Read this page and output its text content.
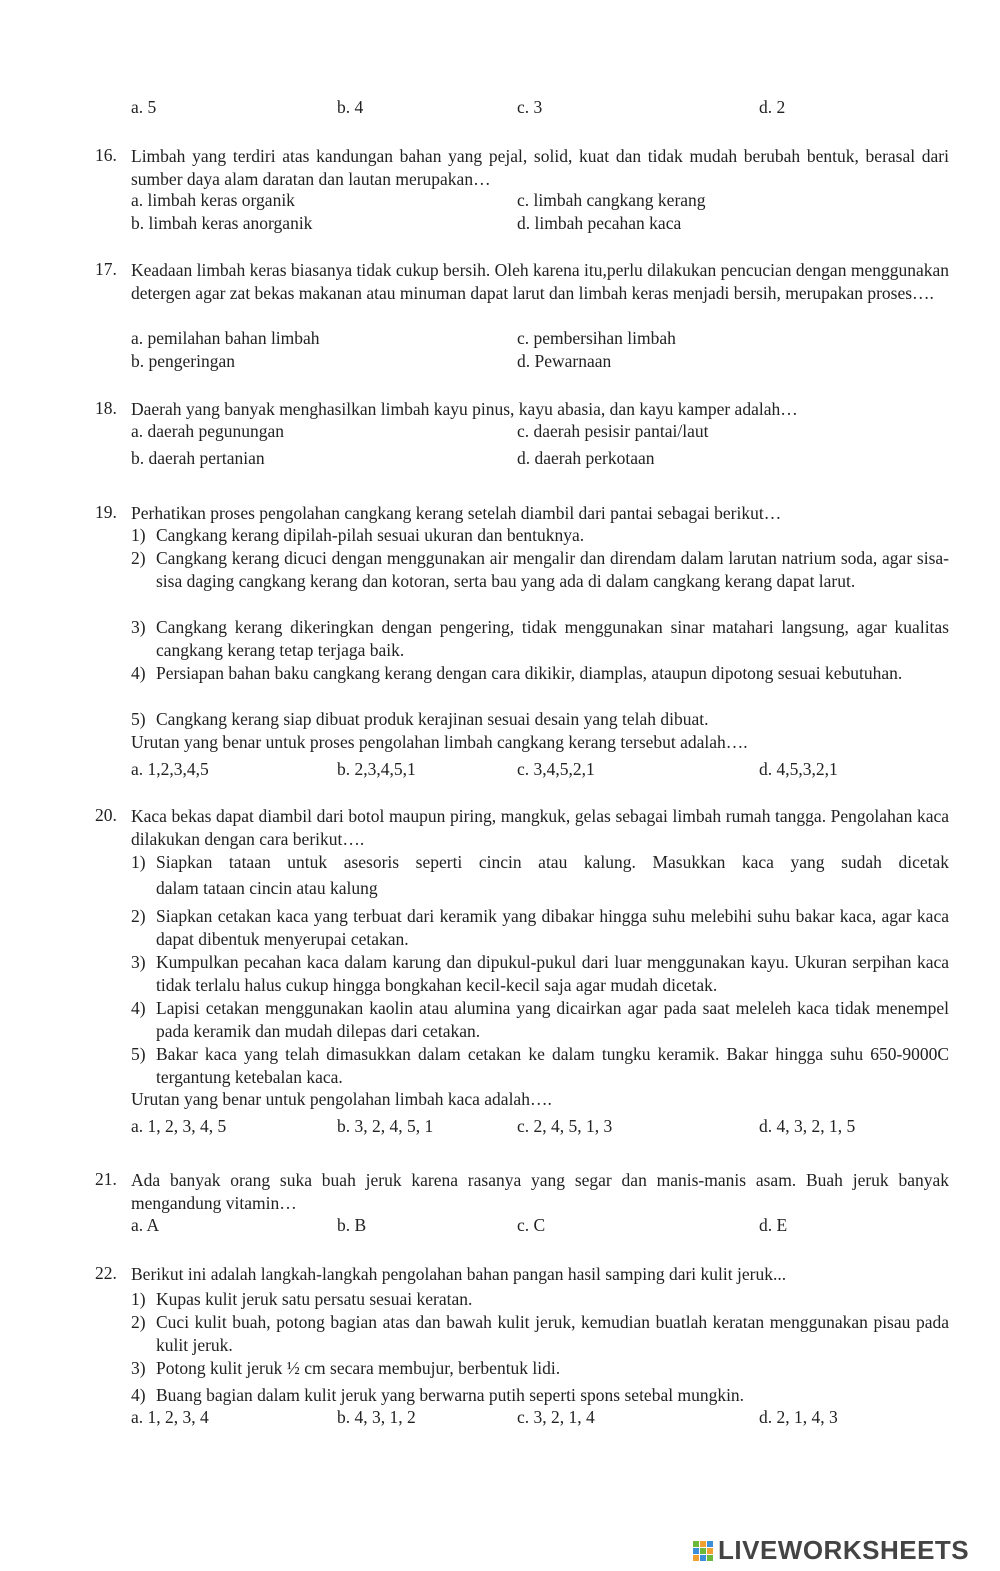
a. 5	b. 4	c. 3	d. 2
16. Limbah yang terdiri atas kandungan bahan yang pejal, solid, kuat dan tidak mudah berubah bentuk, berasal dari sumber daya alam daratan dan lautan merupakan…
a. limbah keras organik	c. limbah cangkang kerang
b. limbah keras anorganik	d. limbah pecahan kaca
17. Keadaan limbah keras biasanya tidak cukup bersih. Oleh karena itu,perlu dilakukan pencucian dengan menggunakan detergen agar zat bekas makanan atau minuman dapat larut dan limbah keras menjadi bersih, merupakan proses….
a. pemilahan bahan limbah	c. pembersihan limbah
b. pengeringan	d. Pewarnaan
18. Daerah yang banyak menghasilkan limbah kayu pinus, kayu abasia, dan kayu kamper adalah…
a. daerah pegunungan	c. daerah pesisir pantai/laut
b. daerah pertanian	d. daerah perkotaan
19. Perhatikan proses pengolahan cangkang kerang setelah diambil dari pantai sebagai berikut…
1) Cangkang kerang dipilah-pilah sesuai ukuran dan bentuknya.
2) Cangkang kerang dicuci dengan menggunakan air mengalir dan direndam dalam larutan natrium soda, agar sisa-sisa daging cangkang kerang dan kotoran, serta bau yang ada di dalam cangkang kerang dapat larut.
3) Cangkang kerang dikeringkan dengan pengering, tidak menggunakan sinar matahari langsung, agar kualitas cangkang kerang tetap terjaga baik.
4) Persiapan bahan baku cangkang kerang dengan cara dikikir, diamplas, ataupun dipotong sesuai kebutuhan.
5) Cangkang kerang siap dibuat produk kerajinan sesuai desain yang telah dibuat.
Urutan yang benar untuk proses pengolahan limbah cangkang kerang tersebut adalah….
a. 1,2,3,4,5	b. 2,3,4,5,1	c. 3,4,5,2,1	d. 4,5,3,2,1
20. Kaca bekas dapat diambil dari botol maupun piring, mangkuk, gelas sebagai limbah rumah tangga. Pengolahan kaca dilakukan dengan cara berikut….
1) Siapkan tataan untuk asesoris seperti cincin atau kalung. Masukkan kaca yang sudah dicetak
dalam tataan cincin atau kalung
2) Siapkan cetakan kaca yang terbuat dari keramik yang dibakar hingga suhu melebihi suhu bakar kaca, agar kaca dapat dibentuk menyerupai cetakan.
3) Kumpulkan pecahan kaca dalam karung dan dipukul-pukul dari luar menggunakan kayu. Ukuran serpihan kaca tidak terlalu halus cukup hingga bongkahan kecil-kecil saja agar mudah dicetak.
4) Lapisi cetakan menggunakan kaolin atau alumina yang dicairkan agar pada saat meleleh kaca tidak menempel pada keramik dan mudah dilepas dari cetakan.
5) Bakar kaca yang telah dimasukkan dalam cetakan ke dalam tungku keramik. Bakar hingga suhu 650-9000C tergantung ketebalan kaca.
Urutan yang benar untuk pengolahan limbah kaca adalah….
a. 1, 2, 3, 4, 5	b. 3, 2, 4, 5, 1	c. 2, 4, 5, 1, 3	d. 4, 3, 2, 1, 5
21. Ada banyak orang suka buah jeruk karena rasanya yang segar dan manis-manis asam. Buah jeruk banyak mengandung vitamin…
a. A	b. B	c. C	d. E
22. Berikut ini adalah langkah-langkah pengolahan bahan pangan hasil samping dari kulit jeruk...
1) Kupas kulit jeruk satu persatu sesuai keratan.
2) Cuci kulit buah, potong bagian atas dan bawah kulit jeruk, kemudian buatlah keratan menggunakan pisau pada kulit jeruk.
3) Potong kulit jeruk ½ cm secara membujur, berbentuk lidi.
4) Buang bagian dalam kulit jeruk yang berwarna putih seperti spons setebal mungkin.
a. 1, 2, 3, 4	b. 4, 3, 1, 2	c. 3, 2, 1, 4	d. 2, 1, 4, 3
LIVEWORKSHEETS
